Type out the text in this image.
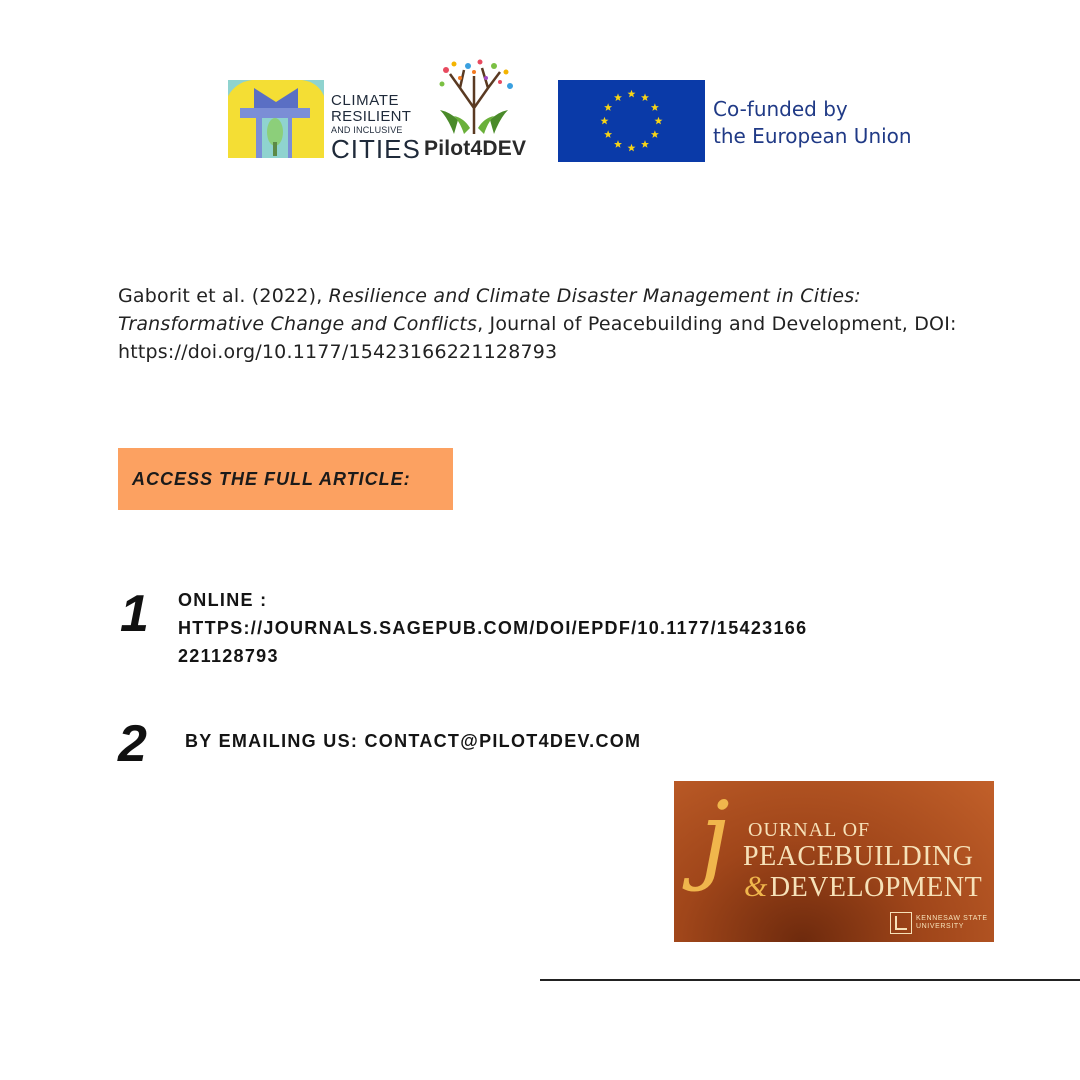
CLIMATE
RESILIENT
AND INCLUSIVE
CITIES Pilot4DEV
Co-funded by
the European Union
Gaborit et al. (2022), Resilience and Climate Disaster Management in Cities: Transformative Change and Conflicts, Journal of Peacebuilding and Development, DOI: https://doi.org/10.1177/15423166221128793
ACCESS THE FULL ARTICLE:
1 ONLINE :
HTTPS://JOURNALS.SAGEPUB.COM/DOI/EPDF/10.1177/15423166
221128793
2 BY EMAILING US: CONTACT@PILOT4DEV.COM
j OURNAL OF
PEACEBUILDING
&DEVELOPMENT
KENNESAW STATE
UNIVERSITY
